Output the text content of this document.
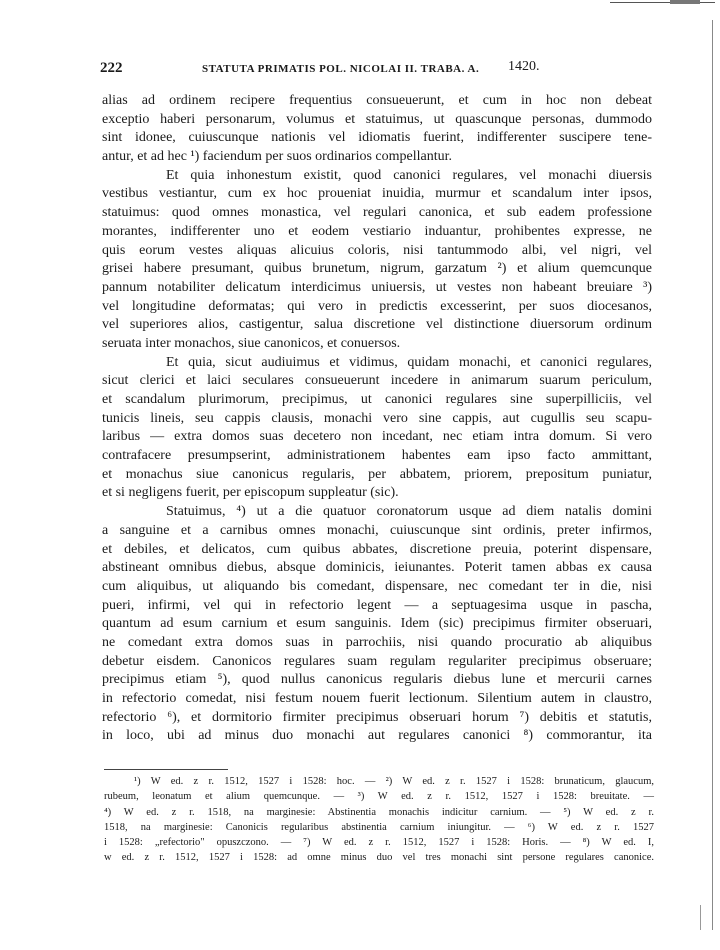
222	STATUTA PRIMATIS POL. NICOLAI II. TRABA. A. 1420.
alias ad ordinem recipere frequentius consueuerunt, et cum in hoc non debeat
exceptio haberi personarum, volumus et statuimus, ut quascunque personas, dummodo
sint idonee, cuiuscunque nationis vel idiomatis fuerint, indifferenter suscipere tene-
antur, et ad hec ¹) faciendum per suos ordinarios compellantur.
Et quia inhonestum existit, quod canonici regulares, vel monachi diuersis
vestibus vestiantur, cum ex hoc proueniat inuidia, murmur et scandalum inter ipsos,
statuimus: quod omnes monastica, vel regulari canonica, et sub eadem professione
morantes, indifferenter uno et eodem vestiario induantur, prohibentes expresse, ne
quis eorum vestes aliquas alicuius coloris, nisi tantummodo albi, vel nigri, vel
grisei habere presumant, quibus brunetum, nigrum, garzatum ²) et alium quemcunque
pannum notabiliter delicatum interdicimus uniuersis, ut vestes non habeant breuiare ³)
vel longitudine deformatas; qui vero in predictis excesserint, per suos diocesanos,
vel superiores alios, castigentur, salua discretione vel distinctione diuersorum ordinum
seruata inter monachos, siue canonicos, et conuersos.
Et quia, sicut audiuimus et vidimus, quidam monachi, et canonici regulares,
sicut clerici et laici seculares consueuerunt incedere in animarum suarum periculum,
et scandalum plurimorum, precipimus, ut canonici regulares sine superpilliciis, vel
tunicis lineis, seu cappis clausis, monachi vero sine cappis, aut cugullis seu scapu-
laribus — extra domos suas decetero non incedant, nec etiam intra domum. Si vero
contrafacere presumpserint, administrationem habentes eam ipso facto ammittant,
et monachus siue canonicus regularis, per abbatem, priorem, prepositum puniatur,
et si negligens fuerit, per episcopum suppleatur (sic).
Statuimus, ⁴) ut a die quatuor coronatorum usque ad diem natalis domini
a sanguine et a carnibus omnes monachi, cuiuscunque sint ordinis, preter infirmos,
et debiles, et delicatos, cum quibus abbates, discretione preuia, poterint dispensare,
abstineant omnibus diebus, absque dominicis, ieiunantes. Poterit tamen abbas ex causa
cum aliquibus, ut aliquando bis comedant, dispensare, nec comedant ter in die, nisi
pueri, infirmi, vel qui in refectorio legent — a septuagesima usque in pascha,
quantum ad esum carnium et esum sanguinis. Idem (sic) precipimus firmiter obseruari,
ne comedant extra domos suas in parrochiis, nisi quando procuratio ab aliquibus
debetur eisdem. Canonicos regulares suam regulam regulariter precipimus obseruare;
precipimus etiam ⁵), quod nullus canonicus regularis diebus lune et mercurii carnes
in refectorio comedat, nisi festum nouem fuerit lectionum. Silentium autem in claustro,
refectorio ⁶), et dormitorio firmiter precipimus obseruari horum ⁷) debitis et statutis,
in loco, ubi ad minus duo monachi aut regulares canonici ⁸) commorantur, ita
¹) W ed. z r. 1512, 1527 i 1528: hoc. — ²) W ed. z r. 1527 i 1528: brunaticum, glaucum,
rubeum, leonatum et alium quemcunque. — ³) W ed. z r. 1512, 1527 i 1528: breuitate. —
⁴) W ed. z r. 1518, na marginesie: Abstinentia monachis indicitur carnium. — ⁵) W ed. z r.
1518, na marginesie: Canonicis regularibus abstinentia carnium iniungitur. — ⁶) W ed. z r. 1527
i 1528: „refectorio" opuszczono. — ⁷) W ed. z r. 1512, 1527 i 1528: Horis. — ⁸) W ed. I,
w ed. z r. 1512, 1527 i 1528: ad omne minus duo vel tres monachi sint persone regulares canonice.
